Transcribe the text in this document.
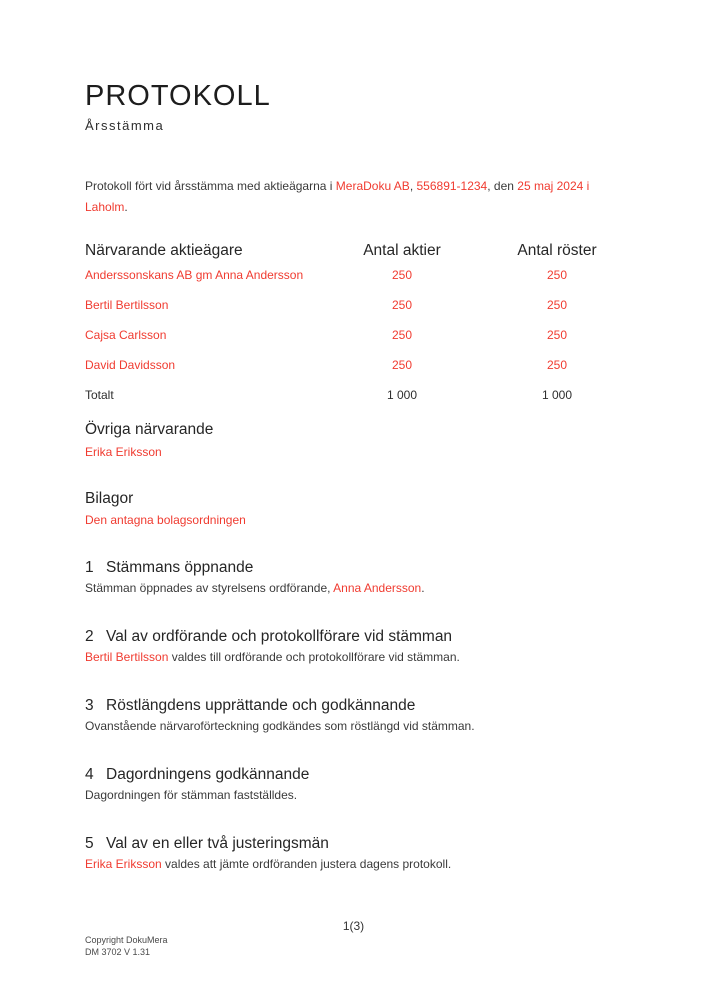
PROTOKOLL
Årsstämma

Protokoll fört vid årsstämma med aktieägarna i MeraDoku AB, 556891-1234, den 25 maj 2024 i
Laholm.

Närvarande aktieägare	Antal aktier	Antal röster
Anderssonskans AB gm Anna Andersson	250	250
Bertil Bertilsson	250	250
Cajsa Carlsson	250	250
David Davidsson	250	250
Totalt	1 000	1 000
Övriga närvarande

Erika Eriksson

Bilagor

Den antagna bolagsordningen

1 Stämmans öppnande

Stämman öppnades av styrelsens ordförande, Anna Andersson.

2 Val av ordförande och protokollförare vid stämman

Bertil Bertilsson valdes till ordförande och protokollförare vid stämman.

3 Röstlängdens upprättande och godkännande

Ovanstående närvaroförteckning godkändes som röstlängd vid stämman.

4 Dagordningens godkännande

Dagordningen för stämman fastställdes.

5 Val av en eller två justeringsmän

Erika Eriksson valdes att jämte ordföranden justera dagens protokoll.

1(3)
Copyright DokuMera
DM 3702 V 1.31
